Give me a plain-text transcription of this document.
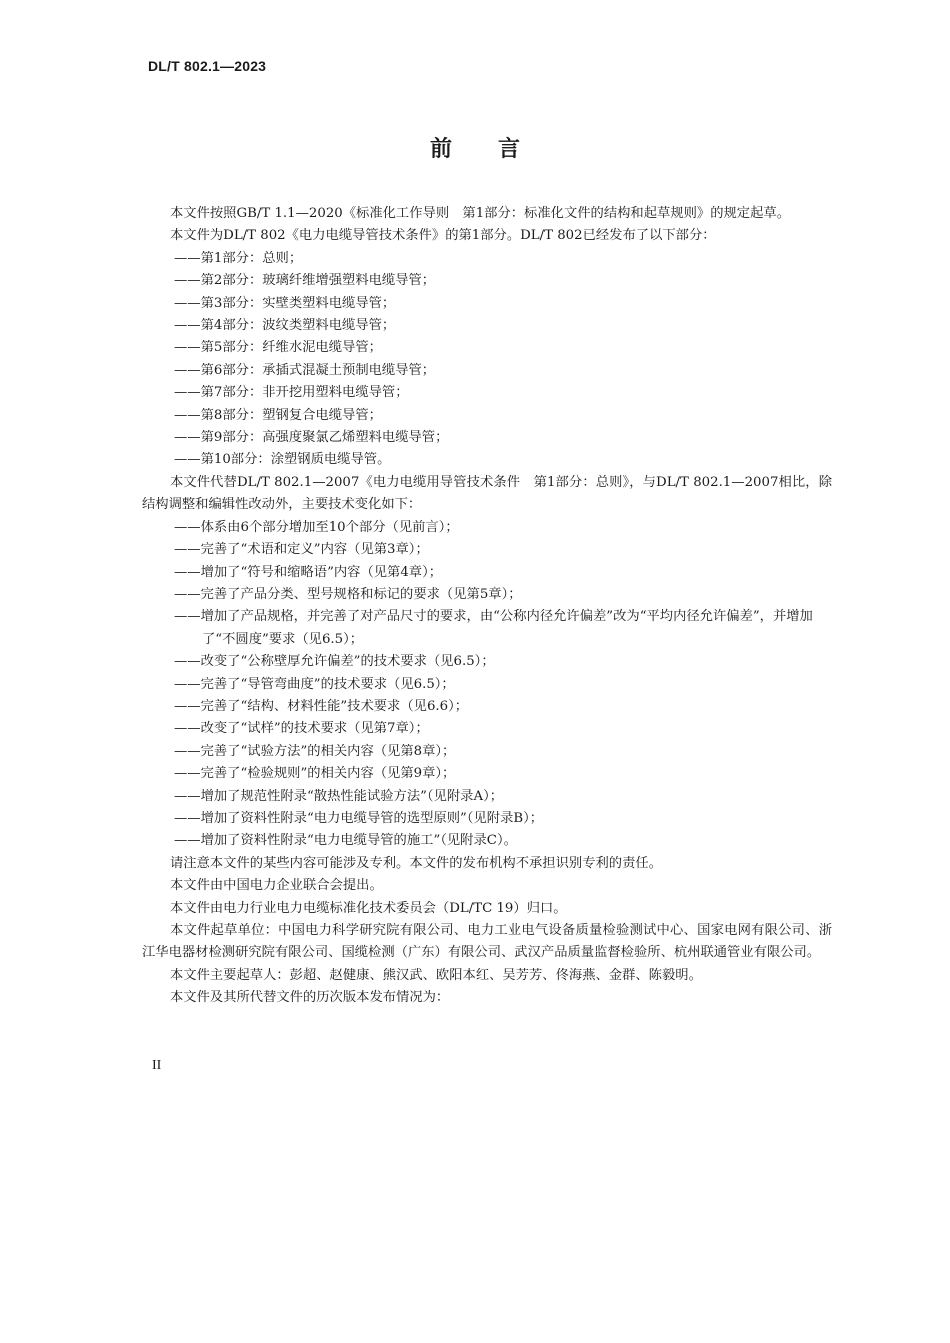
DL/T 802.1—2023
前言

本文件按照GB/T 1.1—2020《标准化工作导则　第1部分：标准化文件的结构和起草规则》的规定起草。

本文件为DL/T 802《电力电缆导管技术条件》的第1部分。DL/T 802已经发布了以下部分：

——第1部分：总则；

——第2部分：玻璃纤维增强塑料电缆导管；

——第3部分：实壁类塑料电缆导管；

——第4部分：波纹类塑料电缆导管；

——第5部分：纤维水泥电缆导管；

——第6部分：承插式混凝土预制电缆导管；

——第7部分：非开挖用塑料电缆导管；

——第8部分：塑钢复合电缆导管；

——第9部分：高强度聚氯乙烯塑料电缆导管；

——第10部分：涂塑钢质电缆导管。

本文件代替DL/T 802.1—2007《电力电缆用导管技术条件　第1部分：总则》，与DL/T 802.1—2007相比，除结构调整和编辑性改动外，主要技术变化如下：

——体系由6个部分增加至10个部分（见前言）；

——完善了“术语和定义”内容（见第3章）；

——增加了“符号和缩略语”内容（见第4章）；

——完善了产品分类、型号规格和标记的要求（见第5章）；

——增加了产品规格，并完善了对产品尺寸的要求，由“公称内径允许偏差”改为“平均内径允许偏差”，并增加了“不圆度”要求（见6.5）；

——改变了“公称壁厚允许偏差”的技术要求（见6.5）；

——完善了“导管弯曲度”的技术要求（见6.5）；

——完善了“结构、材料性能”技术要求（见6.6）；

——改变了“试样”的技术要求（见第7章）；

——完善了“试验方法”的相关内容（见第8章）；

——完善了“检验规则”的相关内容（见第9章）；

——增加了规范性附录“散热性能试验方法”（见附录A）；

——增加了资料性附录“电力电缆导管的选型原则”（见附录B）；

——增加了资料性附录“电力电缆导管的施工”（见附录C）。

请注意本文件的某些内容可能涉及专利。本文件的发布机构不承担识别专利的责任。

本文件由中国电力企业联合会提出。

本文件由电力行业电力电缆标准化技术委员会（DL/TC 19）归口。

本文件起草单位：中国电力科学研究院有限公司、电力工业电气设备质量检验测试中心、国家电网有限公司、浙江华电器材检测研究院有限公司、国缆检测（广东）有限公司、武汉产品质量监督检验所、杭州联通管业有限公司。

本文件主要起草人：彭超、赵健康、熊汉武、欧阳本红、吴芳芳、佟海燕、金群、陈毅明。

本文件及其所代替文件的历次版本发布情况为：

II
